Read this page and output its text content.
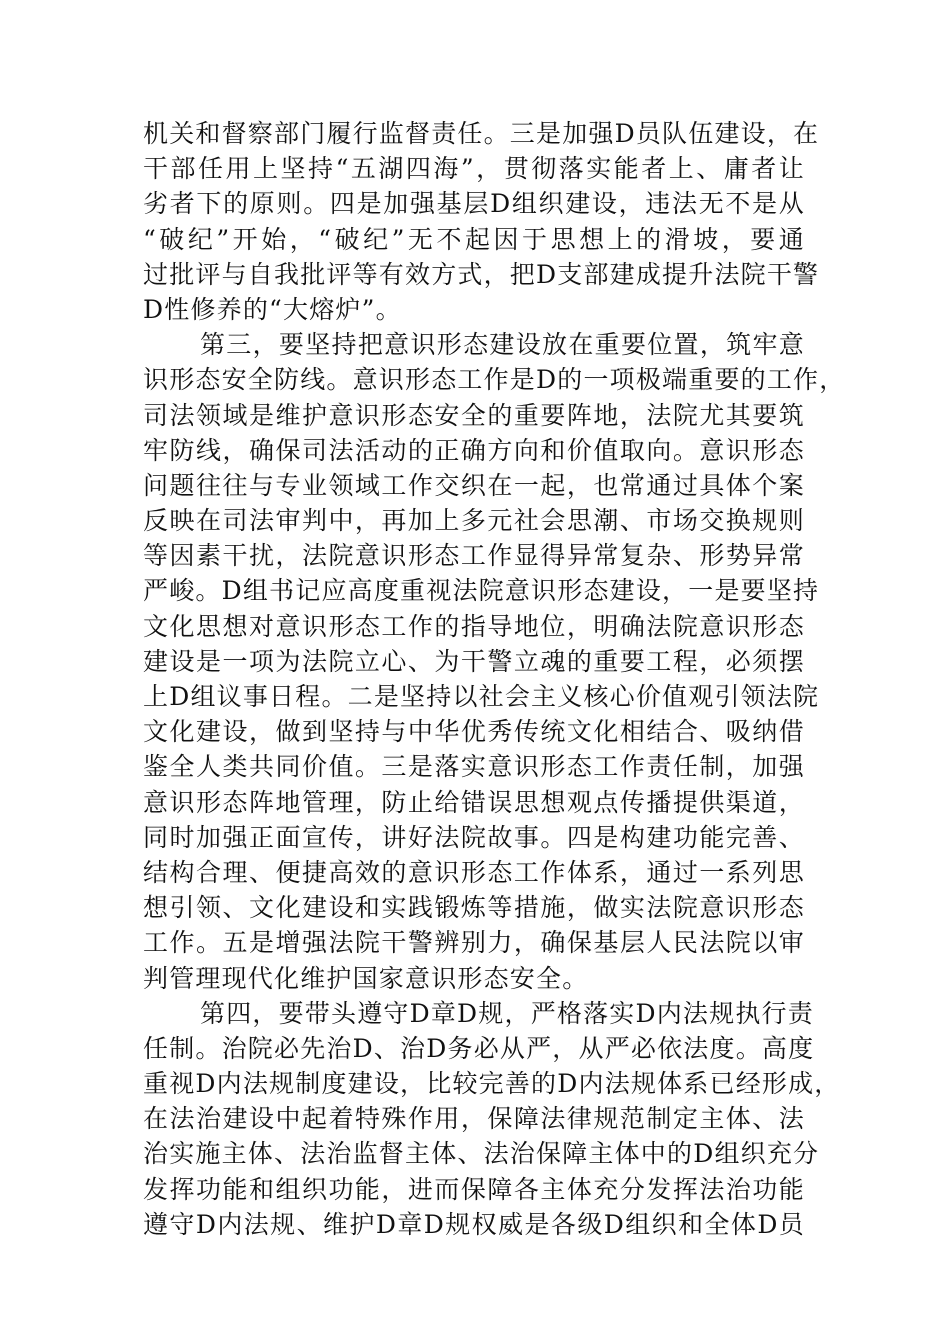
机关和督察部门履行监督责任。三是加强D员队伍建设，在
干部任用上坚持“五湖四海”，贯彻落实能者上、庸者让
劣者下的原则。四是加强基层D组织建设，违法无不是从
“破纪”开始，“破纪”无不起因于思想上的滑坡，要通
过批评与自我批评等有效方式，把D支部建成提升法院干警
D性修养的“大熔炉”。
第三，要坚持把意识形态建设放在重要位置，筑牢意
识形态安全防线。意识形态工作是D的一项极端重要的工作，
司法领域是维护意识形态安全的重要阵地，法院尤其要筑
牢防线，确保司法活动的正确方向和价值取向。意识形态
问题往往与专业领域工作交织在一起，也常通过具体个案
反映在司法审判中，再加上多元社会思潮、市场交换规则
等因素干扰，法院意识形态工作显得异常复杂、形势异常
严峻。D组书记应高度重视法院意识形态建设，一是要坚持
文化思想对意识形态工作的指导地位，明确法院意识形态
建设是一项为法院立心、为干警立魂的重要工程，必须摆
上D组议事日程。二是坚持以社会主义核心价值观引领法院
文化建设，做到坚持与中华优秀传统文化相结合、吸纳借
鉴全人类共同价值。三是落实意识形态工作责任制，加强
意识形态阵地管理，防止给错误思想观点传播提供渠道，
同时加强正面宣传，讲好法院故事。四是构建功能完善、
结构合理、便捷高效的意识形态工作体系，通过一系列思
想引领、文化建设和实践锻炼等措施，做实法院意识形态
工作。五是增强法院干警辨别力，确保基层人民法院以审
判管理现代化维护国家意识形态安全。
第四，要带头遵守D章D规，严格落实D内法规执行责
任制。治院必先治D、治D务必从严，从严必依法度。高度
重视D内法规制度建设，比较完善的D内法规体系已经形成，
在法治建设中起着特殊作用，保障法律规范制定主体、法
治实施主体、法治监督主体、法治保障主体中的D组织充分
发挥功能和组织功能，进而保障各主体充分发挥法治功能
遵守D内法规、维护D章D规权威是各级D组织和全体D员
